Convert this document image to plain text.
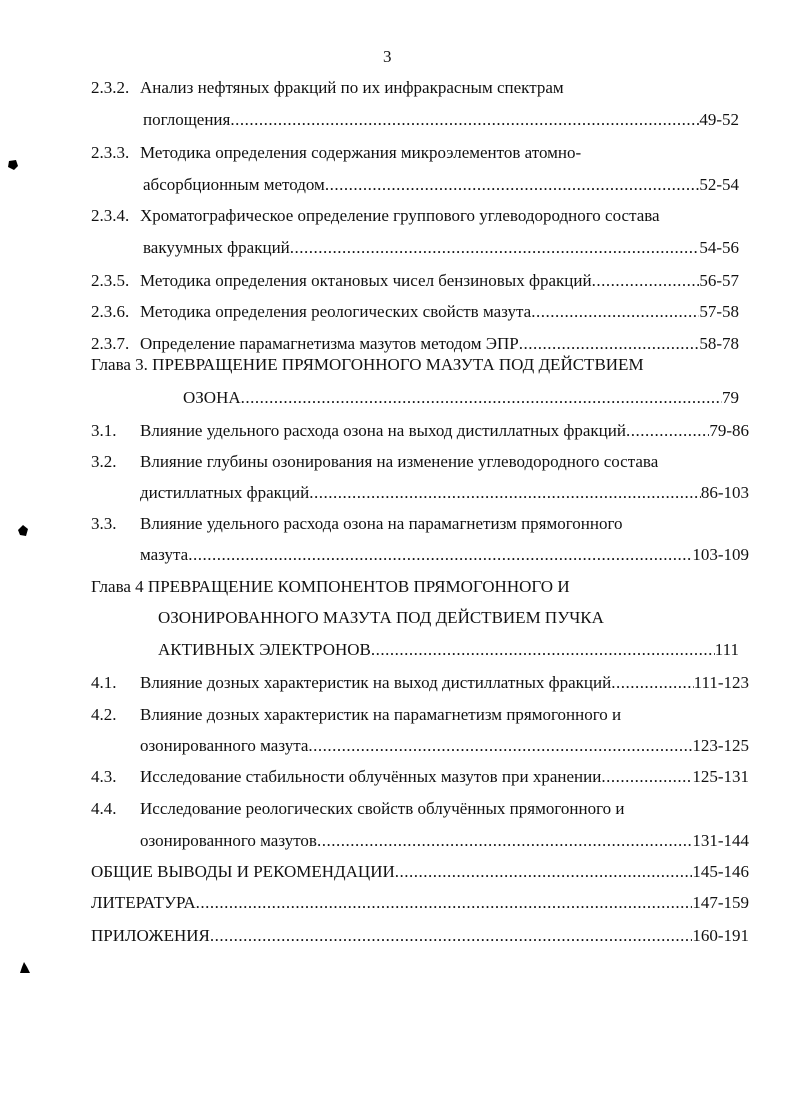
3
2.3.2. Анализ нефтяных фракций по их инфракрасным спектрам
поглощения .....	49-52
2.3.3. Методика определения содержания микроэлементов атомно-
абсорбционным методом .....	52-54
2.3.4. Хроматографическое определение группового углеводородного состава
вакуумных фракций .....	54-56
2.3.5. Методика определения октановых чисел бензиновых фракций .....	56-57
2.3.6. Методика определения реологических свойств мазута .....	57-58
2.3.7. Определение парамагнетизма мазутов методом ЭПР .....	58-78
Глава 3. ПРЕВРАЩЕНИЕ ПРЯМОГОННОГО МАЗУТА ПОД ДЕЙСТВИЕМ
ОЗОНА .....	79
3.1.	Влияние удельного расхода озона на выход дистиллатных фракций .....	79-86
3.2.	Влияние глубины озонирования на изменение углеводородного состава
дистиллатных фракций .....	86-103
3.3.	Влияние удельного расхода озона на парамагнетизм прямогонного
мазута .....	103-109
Глава 4 ПРЕВРАЩЕНИЕ КОМПОНЕНТОВ ПРЯМОГОННОГО И
ОЗОНИРОВАННОГО МАЗУТА ПОД ДЕЙСТВИЕМ ПУЧКА
АКТИВНЫХ ЭЛЕКТРОНОВ .....	111
4.1.	Влияние дозных характеристик на выход дистиллатных фракций .....	111-123
4.2.	Влияние дозных характеристик на парамагнетизм прямогонного и
озонированного мазута .....	123-125
4.3.	Исследование стабильности облучённых мазутов при хранении .....	125-131
4.4.	Исследование реологических свойств облучённых прямогонного и
озонированного мазутов .....	131-144
ОБЩИЕ ВЫВОДЫ И РЕКОМЕНДАЦИИ .....	145-146
ЛИТЕРАТУРА .....	147-159
ПРИЛОЖЕНИЯ .....	160-191
